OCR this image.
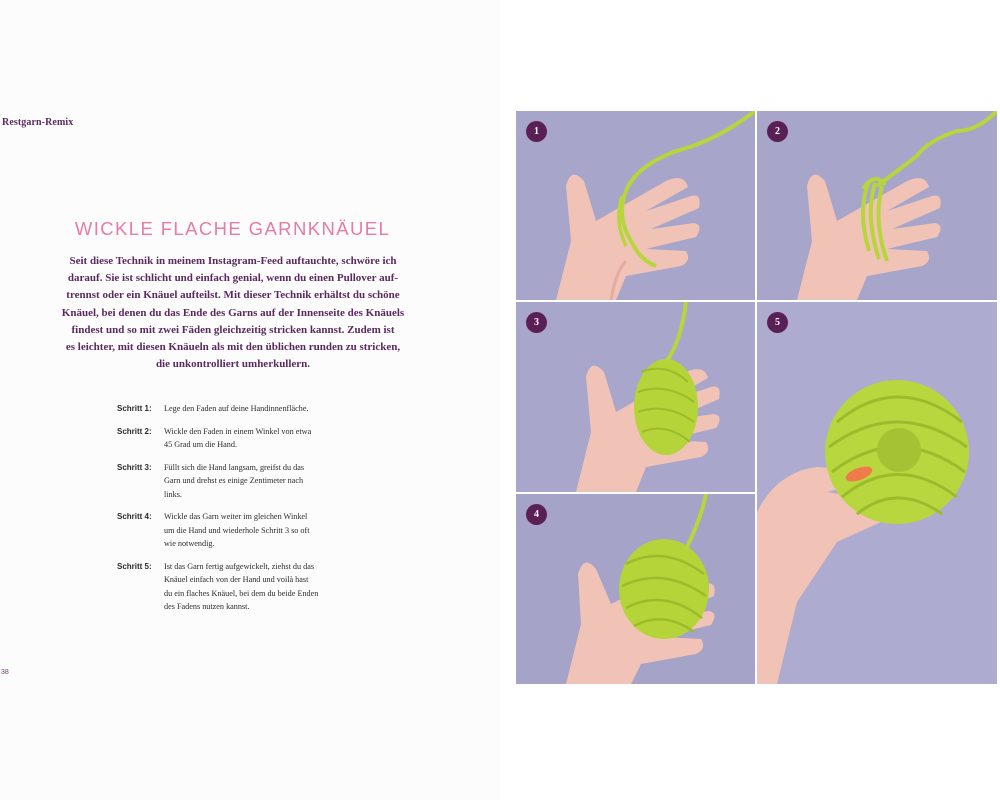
Restgarn-Remix
WICKLE FLACHE GARNKNÄUEL
Seit diese Technik in meinem Instagram-Feed auftauchte, schwöre ich
darauf. Sie ist schlicht und einfach genial, wenn du einen Pullover auf-
trennst oder ein Knäuel aufteilst. Mit dieser Technik erhältst du schöne
Knäuel, bei denen du das Ende des Garns auf der Innenseite des Knäuels
findest und so mit zwei Fäden gleichzeitig stricken kannst. Zudem ist
es leichter, mit diesen Knäueln als mit den üblichen runden zu stricken,
die unkontrolliert umherkullern.
Schritt 1:	Lege den Faden auf deine Handinnenfläche.
Schritt 2:	Wickle den Faden in einem Winkel von etwa
45 Grad um die Hand.
Schritt 3:	Füllt sich die Hand langsam, greifst du das
Garn und drehst es einige Zentimeter nach
links.
Schritt 4:	Wickle das Garn weiter im gleichen Winkel
um die Hand und wiederhole Schritt 3 so oft
wie notwendig.
Schritt 5:	Ist das Garn fertig aufgewickelt, ziehst du das
Knäuel einfach von der Hand und voilà hast
du ein flaches Knäuel, bei dem du beide Enden
des Fadens nutzen kannst.
38
1	2
3
4
5
